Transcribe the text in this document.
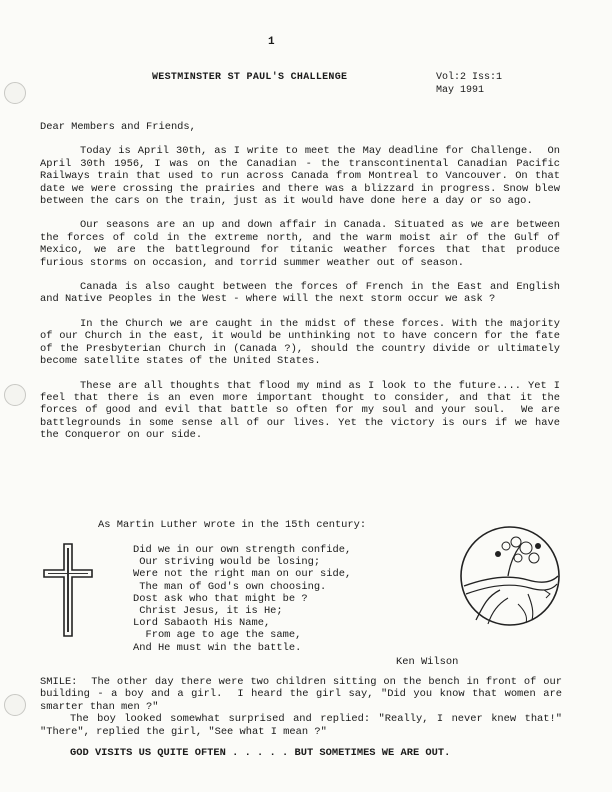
1
WESTMINSTER ST PAUL'S CHALLENGE	Vol:2 Iss:1
May 1991

Dear Members and Friends,

Today is April 30th, as I write to meet the May deadline for Challenge.  On April 30th 1956, I was on the Canadian - the transcontinental Canadian Pacific Railways train that used to run across Canada from Montreal to Vancouver. On that date we were crossing the prairies and there was a blizzard in progress. Snow blew between the cars on the train, just as it would have done here a day or so ago.

Our seasons are an up and down affair in Canada. Situated as we are between the forces of cold in the extreme north, and the warm moist air of the Gulf of Mexico, we are the battleground for titanic weather forces that that produce furious storms on occasion, and torrid summer weather out of season.

Canada is also caught between the forces of French in the East and English and Native Peoples in the West - where will the next storm occur we ask ?

In the Church we are caught in the midst of these forces. With the majority of our Church in the east, it would be unthinking not to have concern for the fate of the Presbyterian Church in (Canada ?), should the country divide or ultimately become satellite states of the United States.

These are all thoughts that flood my mind as I look to the future.... Yet I feel that there is an even more important thought to consider, and that it the forces of good and evil that battle so often for my soul and your soul.  We are battlegrounds in some sense all of our lives. Yet the victory is ours if we have the Conqueror on our side.

As Martin Luther wrote in the 15th century:
Did we in our own strength confide,
Our striving would be losing;
Were not the right man on our side,
The man of God's own choosing.
Dost ask who that might be ?
Christ Jesus, it is He;
Lord Sabaoth His Name,
From age to age the same,
And He must win the battle.
Ken Wilson

SMILE:  The other day there were two children sitting on the bench in front of our building - a boy and a girl.  I heard the girl say, "Did you know that women are smarter than men ?"

The boy looked somewhat surprised and replied: "Really, I never knew that!" "There", replied the girl, "See what I mean ?"

GOD VISITS US QUITE OFTEN . . . . . BUT SOMETIMES WE ARE OUT.
